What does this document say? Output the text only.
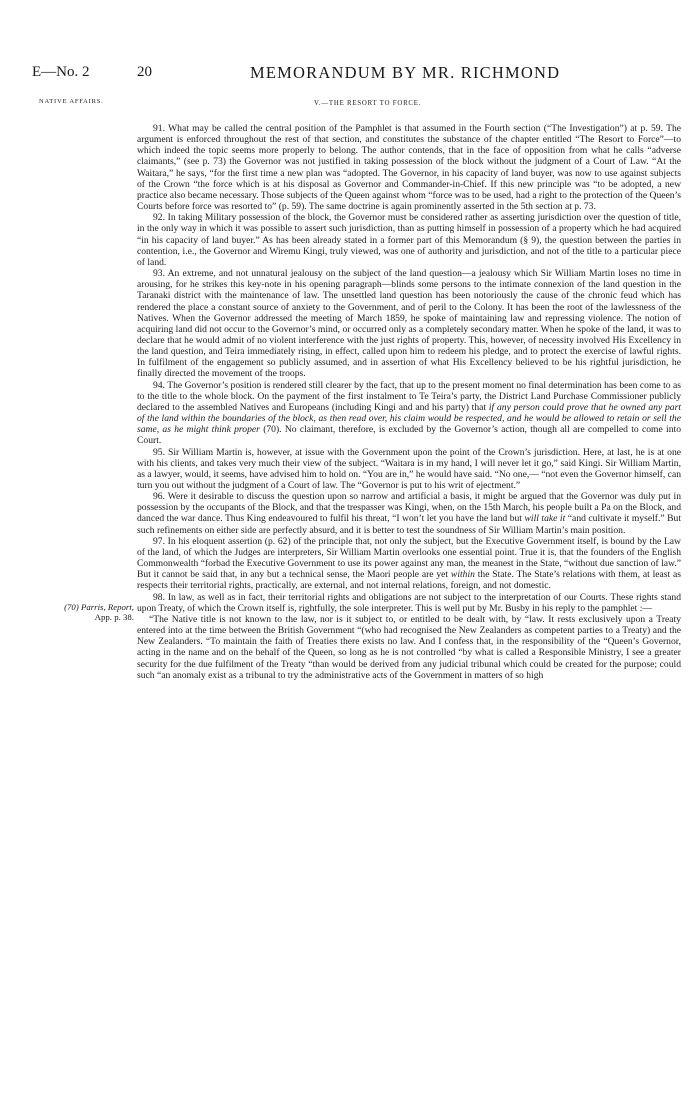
E—No. 2	20	MEMORANDUM BY MR. RICHMOND
NATIVE AFFAIRS.	V.—THE RESORT TO FORCE.
(70) Parris, Report,
App. p. 38.

91. What may be called the central position of the Pamphlet is that assumed in the Fourth section (“The Investigation”) at p. 59. The argument is enforced throughout the rest of that section, and constitutes the substance of the chapter entitled “The Resort to Force”—to which indeed the topic seems more properly to belong. The author contends, that in the face of opposition from what he calls “adverse claimants,” (see p. 73) the Governor was not justified in taking possession of the block without the judgment of a Court of Law. “At the Waitara,” he says, “for the first time a new plan was “adopted. The Governor, in his capacity of land buyer, was now to use against subjects of the Crown “the force which is at his disposal as Governor and Commander-in-Chief. If this new principle was “to be adopted, a new practice also became necessary. Those subjects of the Queen against whom “force was to be used, had a right to the protection of the Queen’s Courts before force was resorted to” (p. 59). The same doctrine is again prominently asserted in the 5th section at p. 73.

92. In taking Military possession of the block, the Governor must be considered rather as asserting jurisdiction over the question of title, in the only way in which it was possible to assert such jurisdiction, than as putting himself in possession of a property which he had acquired “in his capacity of land buyer.” As has been already stated in a former part of this Memorandum (§ 9), the question between the parties in contention, i.e., the Governor and Wiremu Kingi, truly viewed, was one of authority and jurisdiction, and not of the title to a particular piece of land.

93. An extreme, and not unnatural jealousy on the subject of the land question—a jealousy which Sir William Martin loses no time in arousing, for he strikes this key-note in his opening paragraph—blinds some persons to the intimate connexion of the land question in the Taranaki district with the maintenance of law. The unsettled land question has been notoriously the cause of the chronic feud which has rendered the place a constant source of anxiety to the Government, and of peril to the Colony. It has been the root of the lawlessness of the Natives. When the Governor addressed the meeting of March 1859, he spoke of maintaining law and repressing violence. The notion of acquiring land did not occur to the Governor’s mind, or occurred only as a completely secondary matter. When he spoke of the land, it was to declare that he would admit of no violent interference with the just rights of property. This, however, of necessity involved His Excellency in the land question, and Teira immediately rising, in effect, called upon him to redeem his pledge, and to protect the exercise of lawful rights. In fulfilment of the engagement so publicly assumed, and in assertion of what His Excellency believed to be his rightful jurisdiction, he finally directed the movement of the troops.

94. The Governor’s position is rendered still clearer by the fact, that up to the present moment no final determination has been come to as to the title to the whole block. On the payment of the first instalment to Te Teira’s party, the District Land Purchase Commissioner publicly declared to the assembled Natives and Europeans (including Kingi and and his party) that if any person could prove that he owned any part of the land within the boundaries of the block, as then read over, his claim would be respected, and he would be allowed to retain or sell the same, as he might think proper (70). No claimant, therefore, is excluded by the Governor’s action, though all are compelled to come into Court.

95. Sir William Martin is, however, at issue with the Government upon the point of the Crown’s jurisdiction. Here, at last, he is at one with his clients, and takes very much their view of the subject. “Waitara is in my hand, I will never let it go,” said Kingi. Sir William Martin, as a lawyer, would, it seems, have advised him to hold on. “You are in,” he would have said. “No one,— “not even the Governor himself, can turn you out without the judgment of a Court of law. The “Governor is put to his writ of ejectment.”

96. Were it desirable to discuss the question upon so narrow and artificial a basis, it might be argued that the Governor was duly put in possession by the occupants of the Block, and that the trespasser was Kingi, when, on the 15th March, his people built a Pa on the Block, and danced the war dance. Thus King endeavoured to fulfil his threat, “I won’t let you have the land but will take it “and cultivate it myself.” But such refinements on either side are perfectly absurd, and it is better to test the soundness of Sir William Martin’s main position.

97. In his eloquent assertion (p. 62) of the principle that, not only the subject, but the Executive Government itself, is bound by the Law of the land, of which the Judges are interpreters, Sir William Martin overlooks one essential point. True it is, that the founders of the English Commonwealth “forbad the Executive Government to use its power against any man, the meanest in the State, “without due sanction of law.” But it cannot be said that, in any but a technical sense, the Maori people are yet within the State. The State’s relations with them, at least as respects their territorial rights, practically, are external, and not internal relations, foreign, and not domestic.

98. In law, as well as in fact, their territorial rights and obligations are not subject to the interpretation of our Courts. These rights stand upon Treaty, of which the Crown itself is, rightfully, the sole interpreter. This is well put by Mr. Busby in his reply to the pamphlet :—

“The Native title is not known to the law, nor is it subject to, or entitled to be dealt with, by “law. It rests exclusively upon a Treaty entered into at the time between the British Government “(who had recognised the New Zealanders as competent parties to a Treaty) and the New Zealanders. “To maintain the faith of Treaties there exists no law. And I confess that, in the responsibility of the “Queen’s Governor, acting in the name and on the behalf of the Queen, so long as he is not controlled “by what is called a Responsible Ministry, I see a greater security for the due fulfilment of the Treaty “than would be derived from any judicial tribunal which could be created for the purpose; could such “an anomaly exist as a tribunal to try the administrative acts of the Government in matters of so high
